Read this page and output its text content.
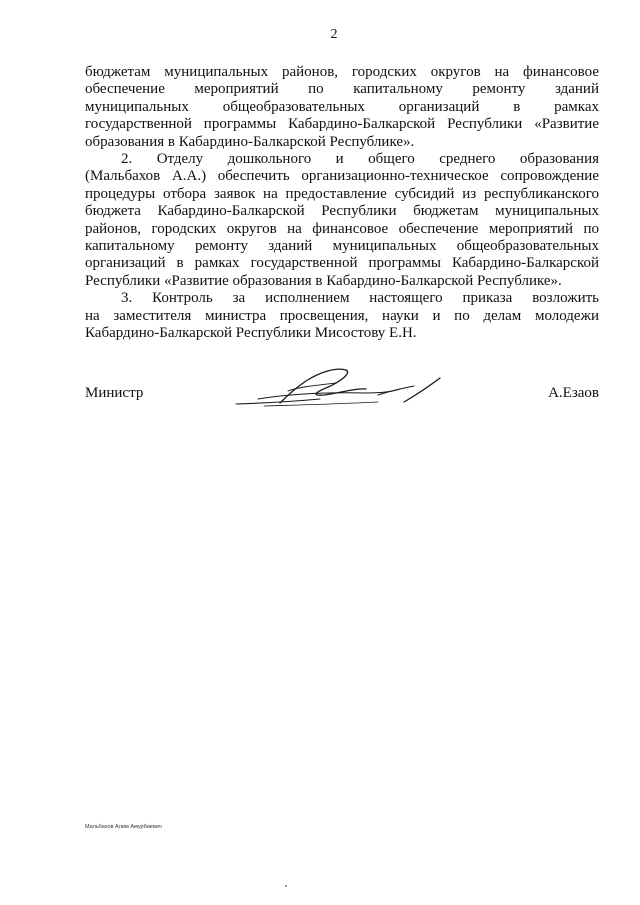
2
бюджетам муниципальных районов, городских округов на финансовое
обеспечение мероприятий по капитальному ремонту зданий
муниципальных общеобразовательных организаций в рамках
государственной программы Кабардино-Балкарской Республики «Развитие
образования в Кабардино-Балкарской Республике».
2. Отделу дошкольного и общего среднего образования
(Мальбахов А.А.) обеспечить организационно-техническое сопровождение
процедуры отбора заявок на предоставление субсидий из республиканского
бюджета Кабардино-Балкарской Республики бюджетам муниципальных
районов, городских округов на финансовое обеспечение мероприятий по
капитальному ремонту зданий муниципальных общеобразовательных
организаций в рамках государственной программы Кабардино-Балкарской
Республики «Развитие образования в Кабардино-Балкарской Республике».
3. Контроль за исполнением настоящего приказа возложить
на заместителя министра просвещения, науки и по делам молодежи
Кабардино-Балкарской Республики Мисостову Е.Н.
Министр	А.Езаов
Мальбахов Алим Амурбиевич
